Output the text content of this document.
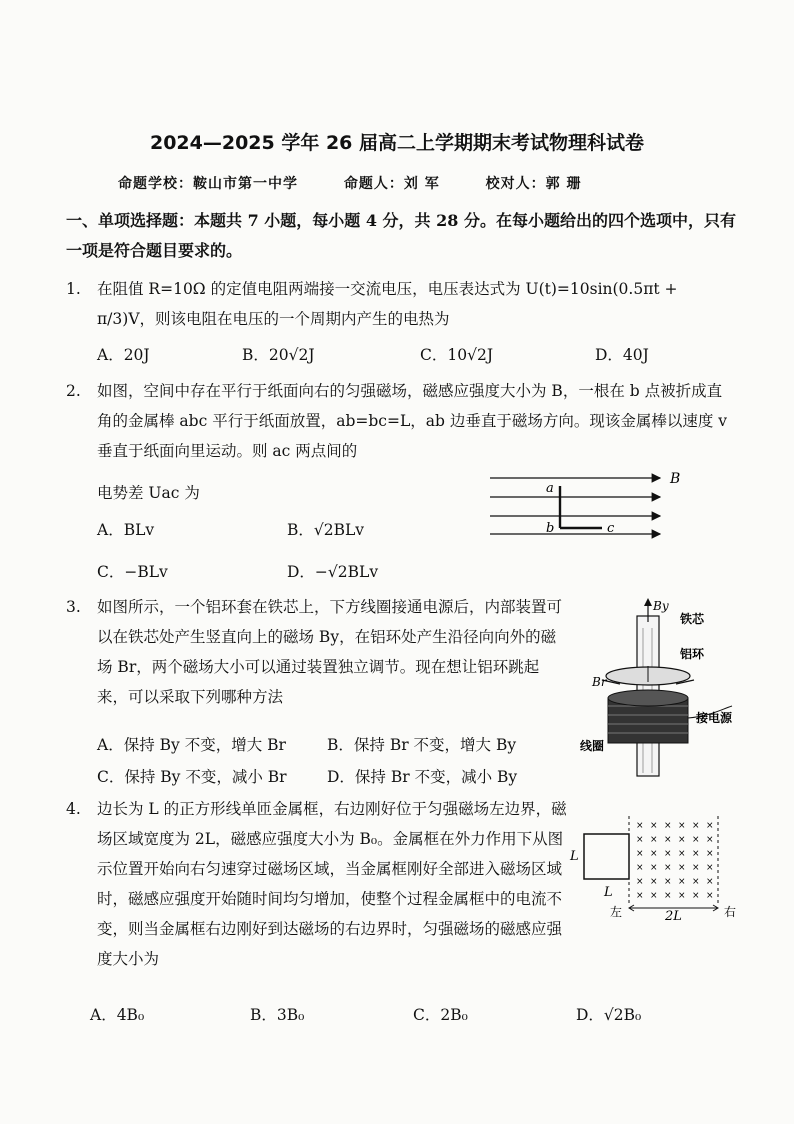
2024—2025 学年 26 届高二上学期期末考试物理科试卷
命题学校：鞍山市第一中学	命题人：刘 军	校对人：郭 珊
一、单项选择题：本题共 7 小题，每小题 4 分，共 28 分。在每小题给出的四个选项中，只有一项是符合题目要求的。
1. 在阻值 R=10Ω 的定值电阻两端接一交流电压，电压表达式为 U(t)=10sin(0.5πt + π/3)V，则该电阻在电压的一个周期内产生的电热为
A．20J	B．20√2J	C．10√2J	D．40J
2. 如图，空间中存在平行于纸面向右的匀强磁场，磁感应强度大小为 B，一根在 b 点被折成直角的金属棒 abc 平行于纸面放置，ab=bc=L，ab 边垂直于磁场方向。现该金属棒以速度 v 垂直于纸面向里运动。则 ac 两点间的
电势差 Uac 为
A．BLv	B．√2BLv
C．−BLv	D．−√2BLv
B
a
b	c
3. 如图所示，一个铝环套在铁芯上，下方线圈接通电源后，内部装置可以在铁芯处产生竖直向上的磁场 By，在铝环处产生沿径向向外的磁场 Br，两个磁场大小可以通过装置独立调节。现在想让铝环跳起来，可以采取下列哪种方法
A．保持 By 不变，增大 Br	B．保持 Br 不变，增大 By
C．保持 By 不变，减小 Br	D．保持 Br 不变，减小 By
By
铁芯
铝环
Br
接电源
线圈
4. 边长为 L 的正方形线单匝金属框，右边刚好位于匀强磁场左边界，磁场区域宽度为 2L，磁感应强度大小为 B₀。金属框在外力作用下从图示位置开始向右匀速穿过磁场区域，当金属框刚好全部进入磁场区域时，磁感应强度开始随时间均匀增加，使整个过程金属框中的电流不变，则当金属框右边刚好到达磁场的右边界时，匀强磁场的磁感应强度大小为
A．4B₀	B．3B₀	C．2B₀	D．√2B₀
× × × × × ×
× × × × × ×
× × × × × ×
× × × × × ×
× × × × × ×
× × × × × ×
L
L
左	2L	右
